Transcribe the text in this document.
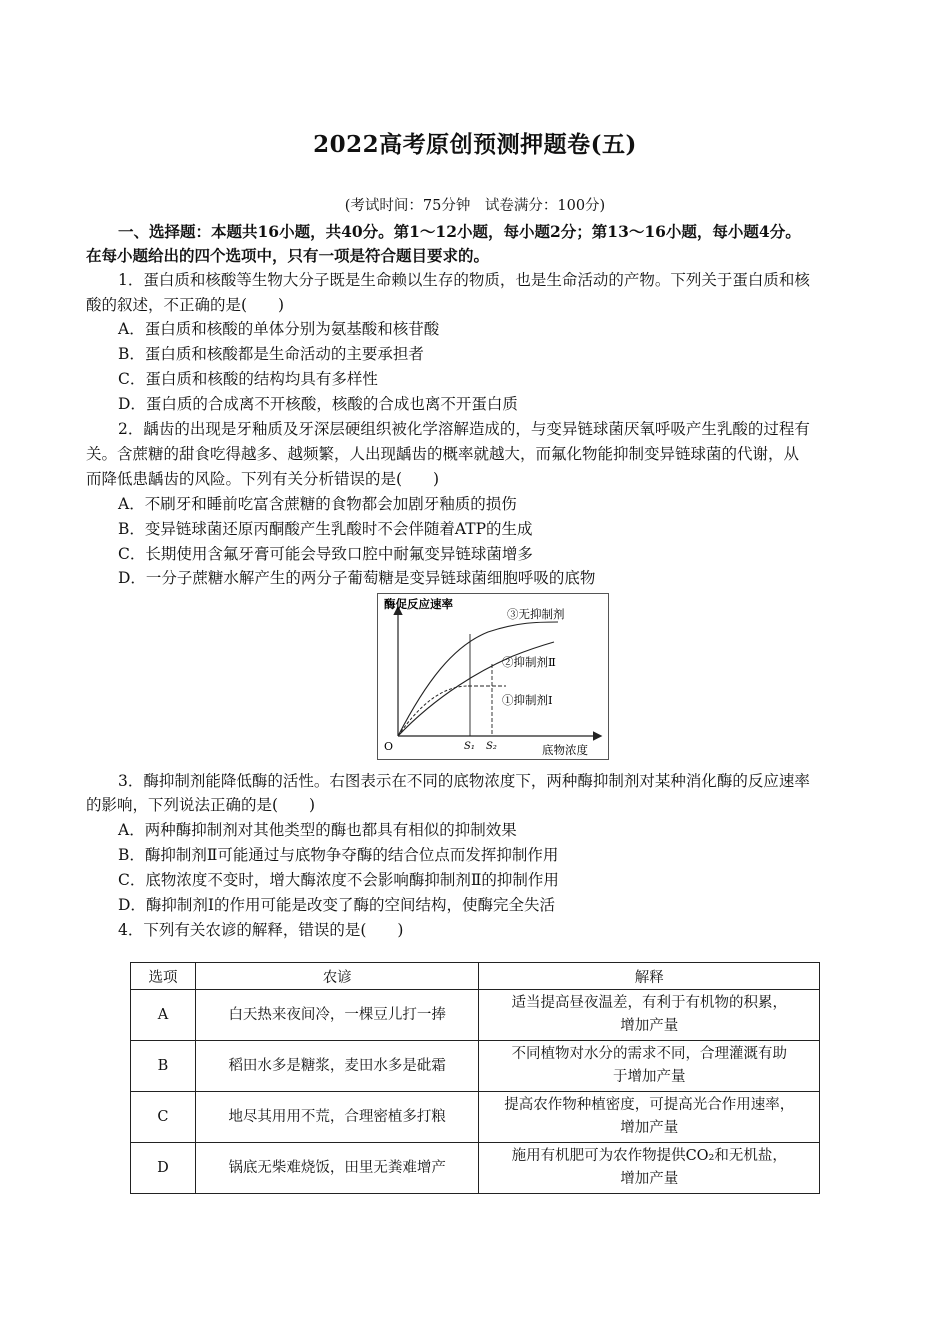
2022高考原创预测押题卷(五)
(考试时间：75分钟　试卷满分：100分)
一、选择题：本题共16小题，共40分。第1～12小题，每小题2分；第13～16小题，每小题4分。
在每小题给出的四个选项中，只有一项是符合题目要求的。
1．蛋白质和核酸等生物大分子既是生命赖以生存的物质，也是生命活动的产物。下列关于蛋白质和核
酸的叙述，不正确的是(　　)
A．蛋白质和核酸的单体分别为氨基酸和核苷酸
B．蛋白质和核酸都是生命活动的主要承担者
C．蛋白质和核酸的结构均具有多样性
D．蛋白质的合成离不开核酸，核酸的合成也离不开蛋白质
2．龋齿的出现是牙釉质及牙深层硬组织被化学溶解造成的，与变异链球菌厌氧呼吸产生乳酸的过程有
关。含蔗糖的甜食吃得越多、越频繁，人出现龋齿的概率就越大，而氟化物能抑制变异链球菌的代谢，从
而降低患龋齿的风险。下列有关分析错误的是(　　)
A．不刷牙和睡前吃富含蔗糖的食物都会加剧牙釉质的损伤
B．变异链球菌还原丙酮酸产生乳酸时不会伴随着ATP的生成
C．长期使用含氟牙膏可能会导致口腔中耐氟变异链球菌增多
D．一分子蔗糖水解产生的两分子葡萄糖是变异链球菌细胞呼吸的底物
酶促反应速率
O	底物浓度
S₁ S₂
③无抑制剂
②抑制剂Ⅱ
①抑制剂Ⅰ
3．酶抑制剂能降低酶的活性。右图表示在不同的底物浓度下，两种酶抑制剂对某种消化酶的反应速率
的影响，下列说法正确的是(　　)
A．两种酶抑制剂对其他类型的酶也都具有相似的抑制效果
B．酶抑制剂Ⅱ可能通过与底物争夺酶的结合位点而发挥抑制作用
C．底物浓度不变时，增大酶浓度不会影响酶抑制剂Ⅱ的抑制作用
D．酶抑制剂Ⅰ的作用可能是改变了酶的空间结构，使酶完全失活
4．下列有关农谚的解释，错误的是(　　)
选项	农谚	解释
A	白天热来夜间冷，一棵豆儿打一捧	适当提高昼夜温差，有利于有机物的积累，
增加产量

B	稻田水多是糖浆，麦田水多是砒霜	不同植物对水分的需求不同，合理灌溉有助
于增加产量

C	地尽其用用不荒，合理密植多打粮	提高农作物种植密度，可提高光合作用速率，
增加产量

D	锅底无柴难烧饭，田里无粪难增产	施用有机肥可为农作物提供CO₂和无机盐，
增加产量
